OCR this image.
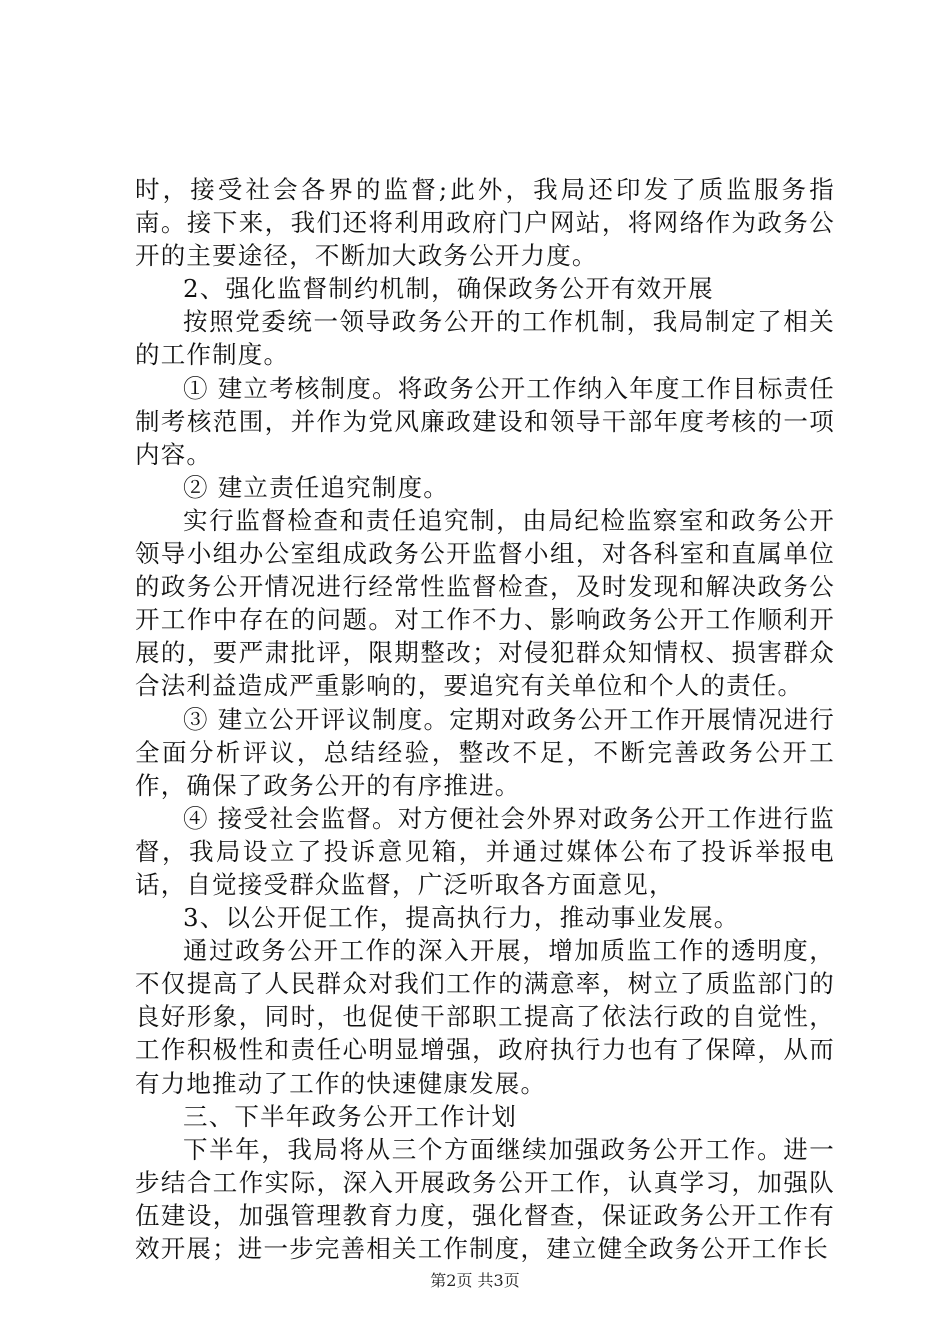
时，接受社会各界的监督;此外，我局还印发了质监服务指南。接下来，我们还将利用政府门户网站，将网络作为政务公开的主要途径，不断加大政务公开力度。

2、强化监督制约机制，确保政务公开有效开展

按照党委统一领导政务公开的工作机制，我局制定了相关的工作制度。

① 建立考核制度。将政务公开工作纳入年度工作目标责任制考核范围，并作为党风廉政建设和领导干部年度考核的一项内容。

② 建立责任追究制度。

实行监督检查和责任追究制，由局纪检监察室和政务公开领导小组办公室组成政务公开监督小组，对各科室和直属单位的政务公开情况进行经常性监督检查，及时发现和解决政务公开工作中存在的问题。对工作不力、影响政务公开工作顺利开展的，要严肃批评，限期整改；对侵犯群众知情权、损害群众合法利益造成严重影响的，要追究有关单位和个人的责任。

③ 建立公开评议制度。定期对政务公开工作开展情况进行全面分析评议，总结经验，整改不足，不断完善政务公开工作，确保了政务公开的有序推进。

④ 接受社会监督。对方便社会外界对政务公开工作进行监督，我局设立了投诉意见箱，并通过媒体公布了投诉举报电话，自觉接受群众监督，广泛听取各方面意见，

3、以公开促工作，提高执行力，推动事业发展。

通过政务公开工作的深入开展，增加质监工作的透明度，不仅提高了人民群众对我们工作的满意率，树立了质监部门的良好形象，同时，也促使干部职工提高了依法行政的自觉性，工作积极性和责任心明显增强，政府执行力也有了保障，从而有力地推动了工作的快速健康发展。

三、下半年政务公开工作计划

下半年，我局将从三个方面继续加强政务公开工作。进一步结合工作实际，深入开展政务公开工作，认真学习，加强队伍建设，加强管理教育力度，强化督查，保证政务公开工作有效开展；进一步完善相关工作制度，建立健全政务公开工作长

第2页 共3页
